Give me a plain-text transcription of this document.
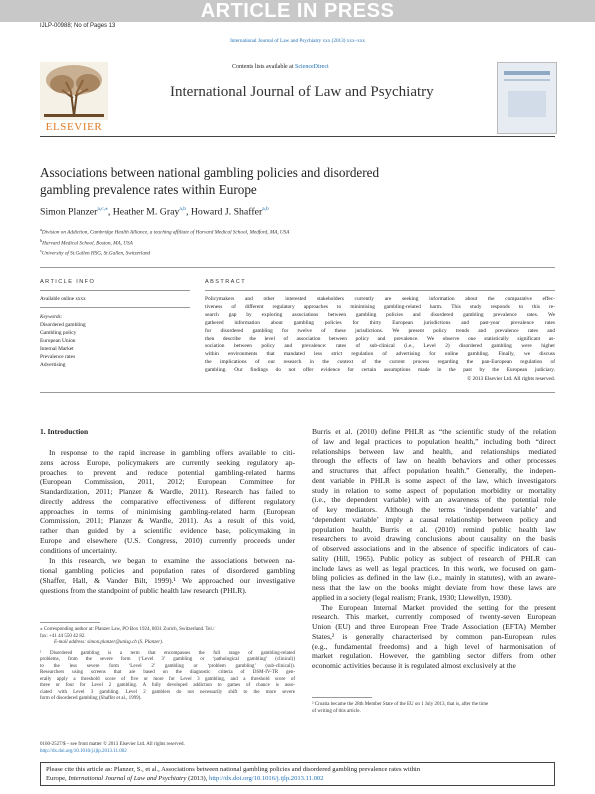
ARTICLE IN PRESS
IJLP-00988; No of Pages 13
International Journal of Law and Psychiatry xxx (2013) xxx–xxx
ELSEVIER
Contents lists available at ScienceDirect
International Journal of Law and Psychiatry
Associations between national gambling policies and disordered
gambling prevalence rates within Europe
Simon Planzer$^{a,c,⁎}$, Heather M. Gray$^{a,b}$, Howard J. Shaffer$^{a,b}$
$^a$Division on Addiction, Cambridge Health Alliance, a teaching affiliate of Harvard Medical School, Medford, MA, USA
$^b$Harvard Medical School, Boston, MA, USA
$^c$University of St.Gallen HSG, St.Gallen, Switzerland
ARTICLE INFO
Available online xxxx
Keywords:
Disordered gambling
Gambling policy
European Union
Internal Market
Prevalence rates
Advertising
ABSTRACT
Policymakers and other interested stakeholders currently are seeking information about the comparative effec-
tiveness of different regulatory approaches to minimising gambling-related harm. This study responds to this re-
search gap by exploring associations between gambling policies and disordered gambling prevalence rates. We
gathered information about gambling policies for thirty European jurisdictions and past-year prevalence rates
for disordered gambling for twelve of these jurisdictions. We present policy trends and prevalence rates and
then describe the level of association between policy and prevalence. We observe one statistically significant as-
sociation between policy and prevalence: rates of sub-clinical (i.e., Level 2) disordered gambling were higher
within environments that mandated less strict regulation of advertising for online gambling. Finally, we discuss
the implications of our research in the context of the current process regarding the pan-European regulation of
gambling. Our findings do not offer evidence for certain assumptions made in the past by the European judiciary.
© 2013 Elsevier Ltd. All rights reserved.
1. Introduction
In response to the rapid increase in gambling offers available to citi-
zens across Europe, policymakers are currently seeking regulatory ap-
proaches to prevent and reduce potential gambling-related harms
(European Commission, 2011, 2012; European Committee for
Standardization, 2011; Planzer & Wardle, 2011). Research has failed to
directly address the comparative effectiveness of different regulatory
approaches in terms of minimising gambling-related harm (European
Commission, 2011; Planzer & Wardle, 2011). As a result of this void,
rather than guided by a scientific evidence base, policymaking in
Europe and elsewhere (U.S. Congress, 2010) currently proceeds under
conditions of uncertainty.
In this research, we began to examine the associations between na-
tional gambling policies and population rates of disordered gambling
(Shaffer, Hall, & Vander Bilt, 1999).¹ We approached our investigative
questions from the standpoint of public health law research (PHLR).
Burris et al. (2010) define PHLR as “the scientific study of the relation
of law and legal practices to population health,” including both “direct
relationships between law and health, and relationships mediated
through the effects of law on health behaviors and other processes
and structures that affect population health.” Generally, the indepen-
dent variable in PHLR is some aspect of the law, which investigators
study in relation to some aspect of population morbidity or mortality
(i.e., the dependent variable) with an awareness of the potential role
of key mediators. Although the terms ‘independent variable’ and
‘dependent variable’ imply a causal relationship between policy and
population health, Burris et al. (2010) remind public health law
researchers to avoid drawing conclusions about causality on the basis
of observed associations and in the absence of specific indicators of cau-
sality (Hill, 1965). Public policy as subject of research of PHLR can
include laws as well as legal practices. In this work, we focused on gam-
bling policies as defined in the law (i.e., mainly in statutes), with an aware-
ness that the law on the books might deviate from how these laws are
applied in a society (legal realism; Frank, 1930; Llewellyn, 1930).
The European Internal Market provided the setting for the present
research. This market, currently composed of twenty-seven European
Union (EU) and three European Free Trade Association (EFTA) Member
States,² is generally characterised by common pan-European rules
(e.g., fundamental freedoms) and a high level of harmonisation of
market regulation. However, the gambling sector differs from other
economic activities because it is regulated almost exclusively at the
⁎ Corresponding author at: Planzer Law, PO Box 1924, 8031 Zurich, Switzerland. Tel./
fax: +41 44 550 42 82.
E-mail address: simon.planzer@unisg.ch (S. Planzer).
¹ Disordered gambling is a term that encompasses the full range of gambling-related
problems, from the severe form (‘Level 3’ gambling or ‘pathological gambling’ (clinical))
to the less severe form ‘Level 2’ gambling or ‘problem gambling’ (sub-clinical)).
Researchers using screens that are based on the diagnostic criteria of DSM-IV-TR gen-
erally apply a threshold score of five or more for Level 3 gambling, and a threshold score of
three or four for Level 2 gambling. A fully developed addiction to games of chance is asso-
ciated with Level 3 gambling. Level 2 gamblers do not necessarily shift to the more severe
form of disordered gambling (Shaffer et al., 1999).
0160-2527/$ – see front matter © 2013 Elsevier Ltd. All rights reserved.
http://dx.doi.org/10.1016/j.ijlp.2013.11.002
² Croatia became the 28th Member State of the EU on 1 July 2013, that is, after the time
of writing of this article.
Please cite this article as: Planzer, S., et al., Associations between national gambling policies and disordered gambling prevalence rates within
Europe, International Journal of Law and Psychiatry (2013), http://dx.doi.org/10.1016/j.ijlp.2013.11.002
